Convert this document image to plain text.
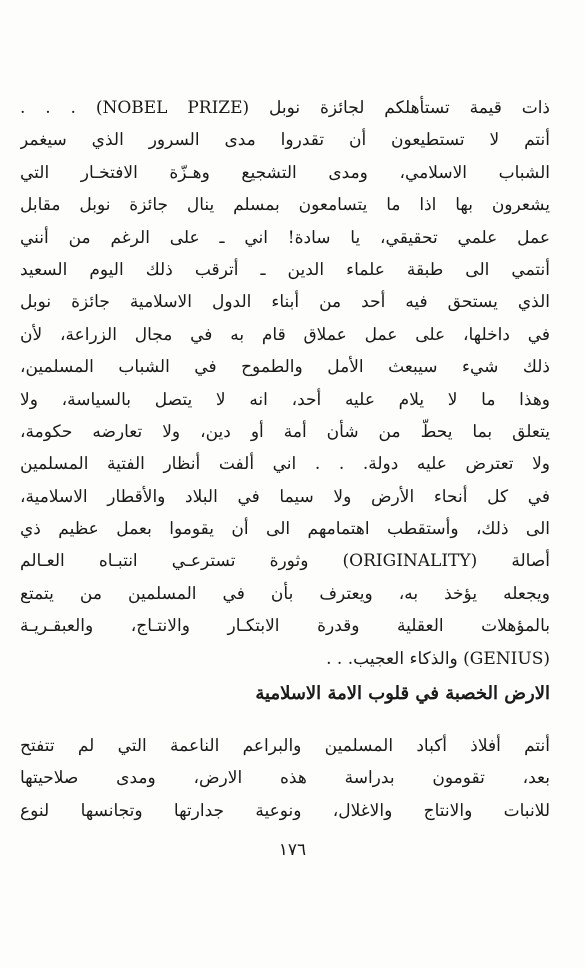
ذات قيمة تستأهلكم لجائزة نوبل (NOBEL PRIZE) . . .
أنتم لا تستطيعون أن تقدروا مدى السرور الذي سيغمر
الشباب الاسلامي، ومدى التشجيع وهـزّة الافتخـار التي
يشعرون بها اذا ما يتسامعون بمسلم ينال جائزة نوبل مقابل
عمل علمي تحقيقي، يا سادة! اني ـ على الرغم من أنني
أنتمي الى طبقة علماء الدين ـ أترقب ذلك اليوم السعيد
الذي يستحق فيه أحد من أبناء الدول الاسلامية جائزة نوبل
في داخلها، على عمل عملاق قام به في مجال الزراعة، لأن
ذلك شيء سيبعث الأمل والطموح في الشباب المسلمين،
وهذا ما لا يلام عليه أحد، انه لا يتصل بالسياسة، ولا
يتعلق بما يحطّ من شأن أمة أو دين، ولا تعارضه حكومة،
ولا تعترض عليه دولة. . . اني ألفت أنظار الفتية المسلمين
في كل أنحاء الأرض ولا سيما في البلاد والأقطار الاسلامية،
الى ذلك، وأستقطب اهتمامهم الى أن يقوموا بعمل عظيم ذي
أصالة (ORIGINALITY) وثورة تسترعـي انتبـاه العـالم
ويجعله يؤخذ به، ويعترف بأن في المسلمين من يتمتع
بالمؤهلات العقلية وقدرة الابتكـار والانتـاج، والعبقـريـة
(GENIUS) والذكاء العجيب. . .
الارض الخصبة في قلوب الامة الاسلامية
أنتم أفلاذ أكباد المسلمين والبراعم الناعمة التي لم تتفتح
بعد، تقومون بدراسة هذه الارض، ومدى صلاحيتها
للانبات والانتاج والاغلال، ونوعية جدارتها وتجانسها لنوع
١٧٦
